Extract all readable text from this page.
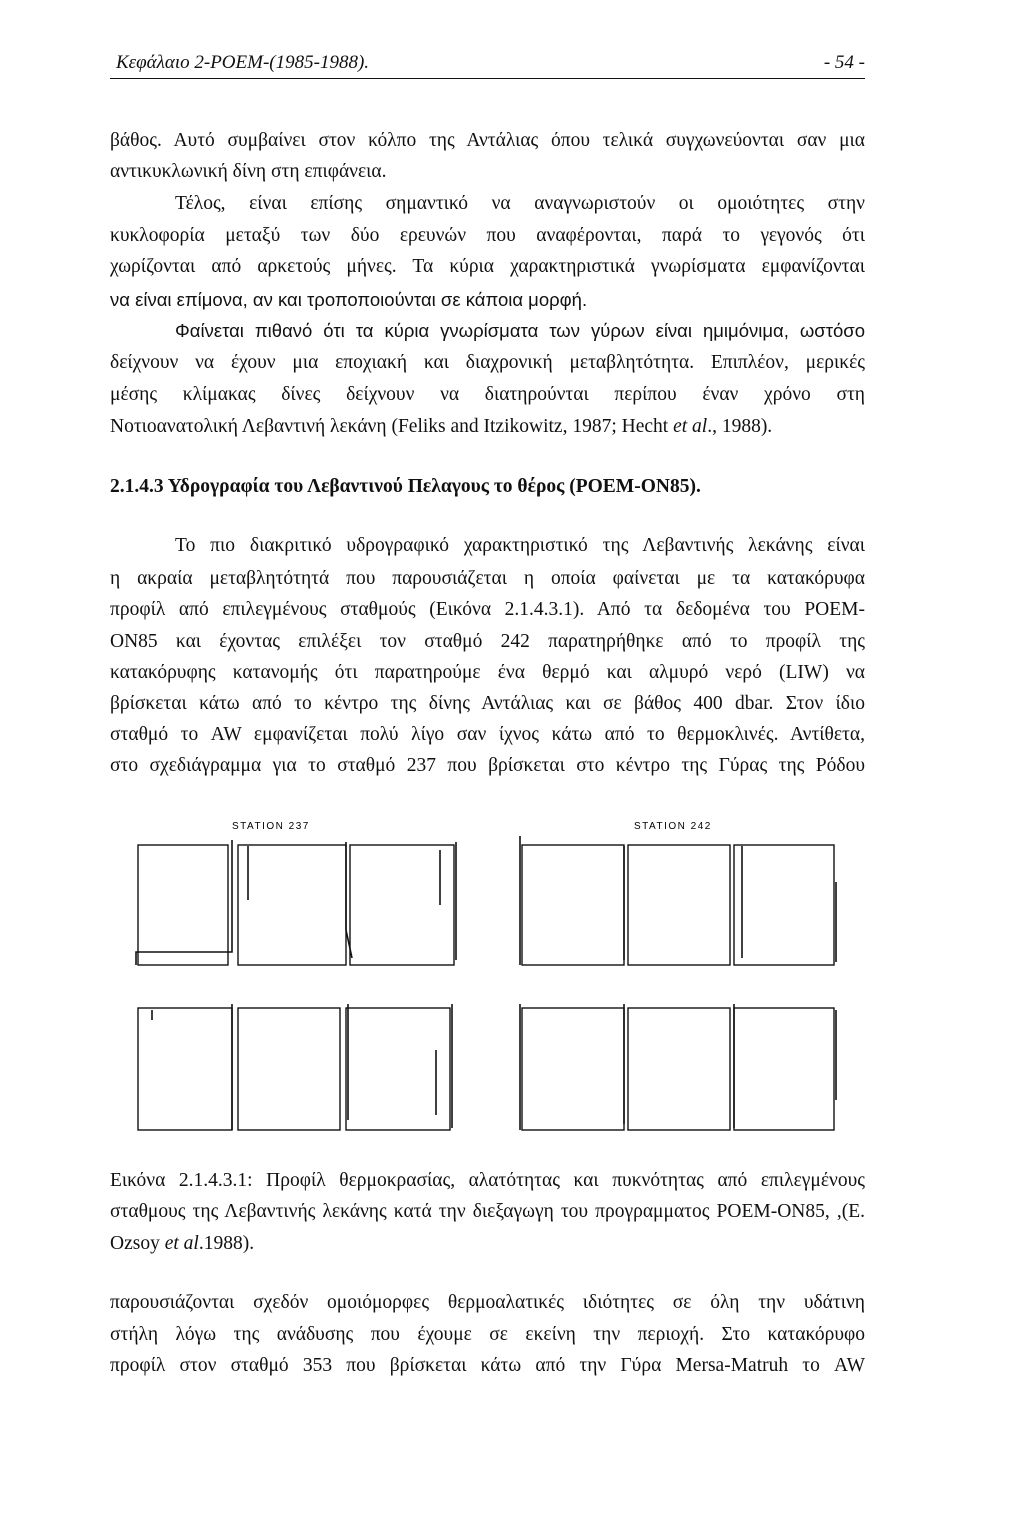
Κεφάλαιο 2-POEM-(1985-1988).	- 54 -
βάθος. Αυτό συμβαίνει στον κόλπο της Αντάλιας όπου τελικά συγχωνεύονται σαν μια
αντικυκλωνική δίνη στη επιφάνεια.
Τέλος, είναι επίσης σημαντικό να αναγνωριστούν οι ομοιότητες στην
κυκλοφορία μεταξύ των δύο ερευνών που αναφέρονται, παρά το γεγονός ότι
χωρίζονται από αρκετούς μήνες. Τα κύρια χαρακτηριστικά γνωρίσματα εμφανίζονται
να είναι επίμονα, αν και τροποποιούνται σε κάποια μορφή.
Φαίνεται πιθανό ότι τα κύρια γνωρίσματα των γύρων είναι ημιμόνιμα, ωστόσο
δείχνουν να έχουν μια εποχιακή και διαχρονική μεταβλητότητα. Επιπλέον, μερικές
μέσης κλίμακας δίνες δείχνουν να διατηρούνται περίπου έναν χρόνο στη
Νοτιοανατολική Λεβαντινή λεκάνη (Feliks and Itzikowitz, 1987; Hecht et al., 1988).
2.1.4.3 Υδρογραφία του Λεβαντινού Πελαγους το θέρος (POEM-ON85).
Το πιο διακριτικό υδρογραφικό χαρακτηριστικό της Λεβαντινής λεκάνης είναι
η ακραία μεταβλητότητά που παρουσιάζεται η οποία φαίνεται με τα κατακόρυφα
προφίλ από επιλεγμένους σταθμούς (Εικόνα 2.1.4.3.1). Από τα δεδομένα του POEM-
ON85 και έχοντας επιλέξει τον σταθμό 242 παρατηρήθηκε από το προφίλ της
κατακόρυφης κατανομής ότι παρατηρούμε ένα θερμό και αλμυρό νερό (LIW) να
βρίσκεται κάτω από το κέντρο της δίνης Αντάλιας και σε βάθος 400 dbar. Στον ίδιο
σταθμό το AW εμφανίζεται πολύ λίγο σαν ίχνος κάτω από το θερμοκλινές. Αντίθετα,
στο σχεδιάγραμμα για το σταθμό 237 που βρίσκεται στο κέντρο της Γύρας της Ρόδου
STATION 237	STATION 242
Εικόνα 2.1.4.3.1: Προφίλ θερμοκρασίας, αλατότητας και πυκνότητας από επιλεγμένους
σταθμους της Λεβαντινής λεκάνης κατά την διεξαγωγη του προγραμματος POEM-ON85, ,(E.
Ozsoy et al.1988).
παρουσιάζονται σχεδόν ομοιόμορφες θερμοαλατικές ιδιότητες σε όλη την υδάτινη
στήλη λόγω της ανάδυσης που έχουμε σε εκείνη την περιοχή. Στο κατακόρυφο
προφίλ στον σταθμό 353 που βρίσκεται κάτω από την Γύρα Mersa-Matruh το AW
